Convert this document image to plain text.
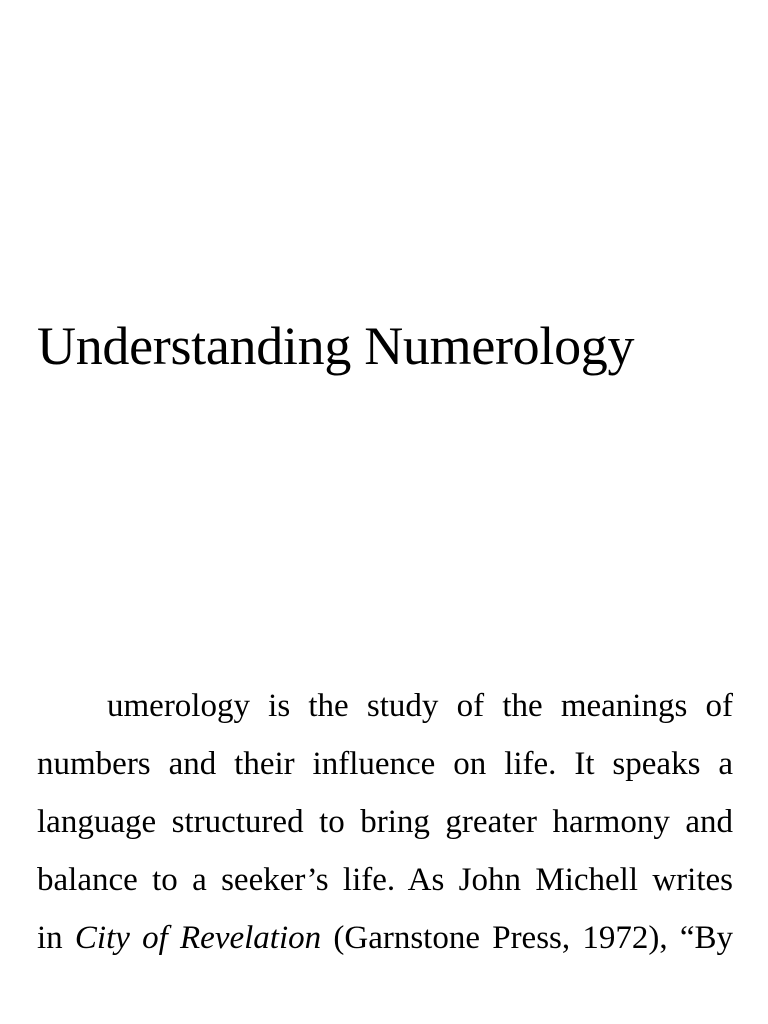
Understanding Numerology
umerology is the study of the meanings of
numbers and their influence on life. It speaks a
language structured to bring greater harmony and
balance to a seeker’s life. As John Michell writes
in City of Revelation (Garnstone Press, 1972), “By
